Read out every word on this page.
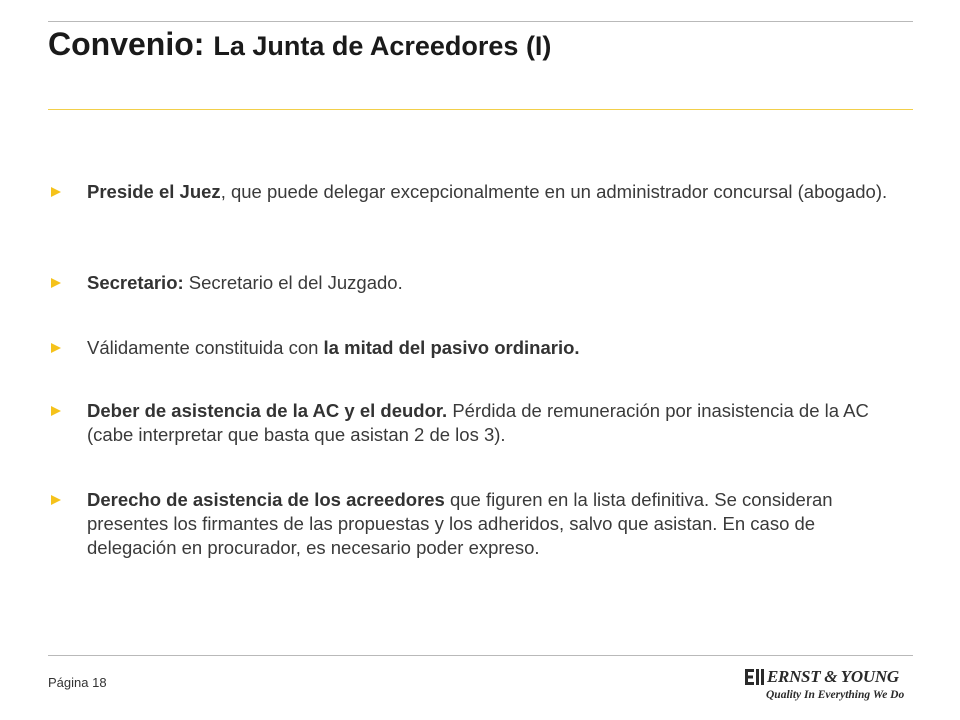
Convenio: La Junta de Acreedores (I)
Preside el Juez, que puede delegar excepcionalmente en un administrador concursal (abogado).
Secretario: Secretario el del Juzgado.
Válidamente constituida con la mitad del pasivo ordinario.
Deber de asistencia de la AC y el deudor. Pérdida de remuneración por inasistencia de la AC (cabe interpretar que basta que asistan 2 de los 3).
Derecho de asistencia de los acreedores que figuren en la lista definitiva. Se consideran presentes los firmantes de las propuestas y los adheridos, salvo que asistan. En caso de delegación en procurador, es necesario poder expreso.
Página 18	ERNST & YOUNG
Quality In Everything We Do
